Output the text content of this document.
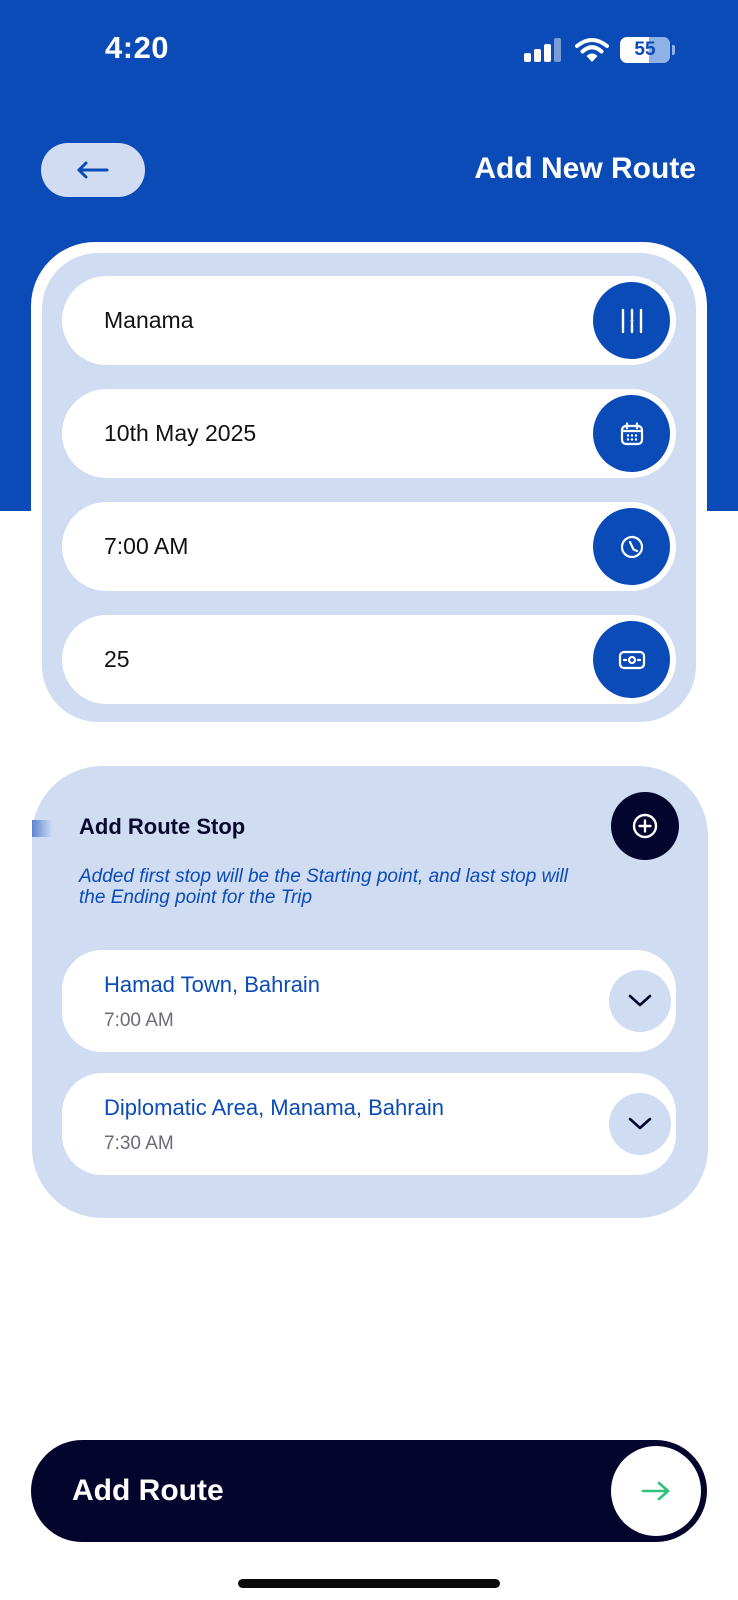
4:20	55
Add New Route
Manama
10th May 2025
7:00 AM
25
Add Route Stop
Added first stop will be the Starting point, and last stop will the Ending point for the Trip
Hamad Town, Bahrain
7:00 AM
Diplomatic Area, Manama, Bahrain
7:30 AM
Add Route
